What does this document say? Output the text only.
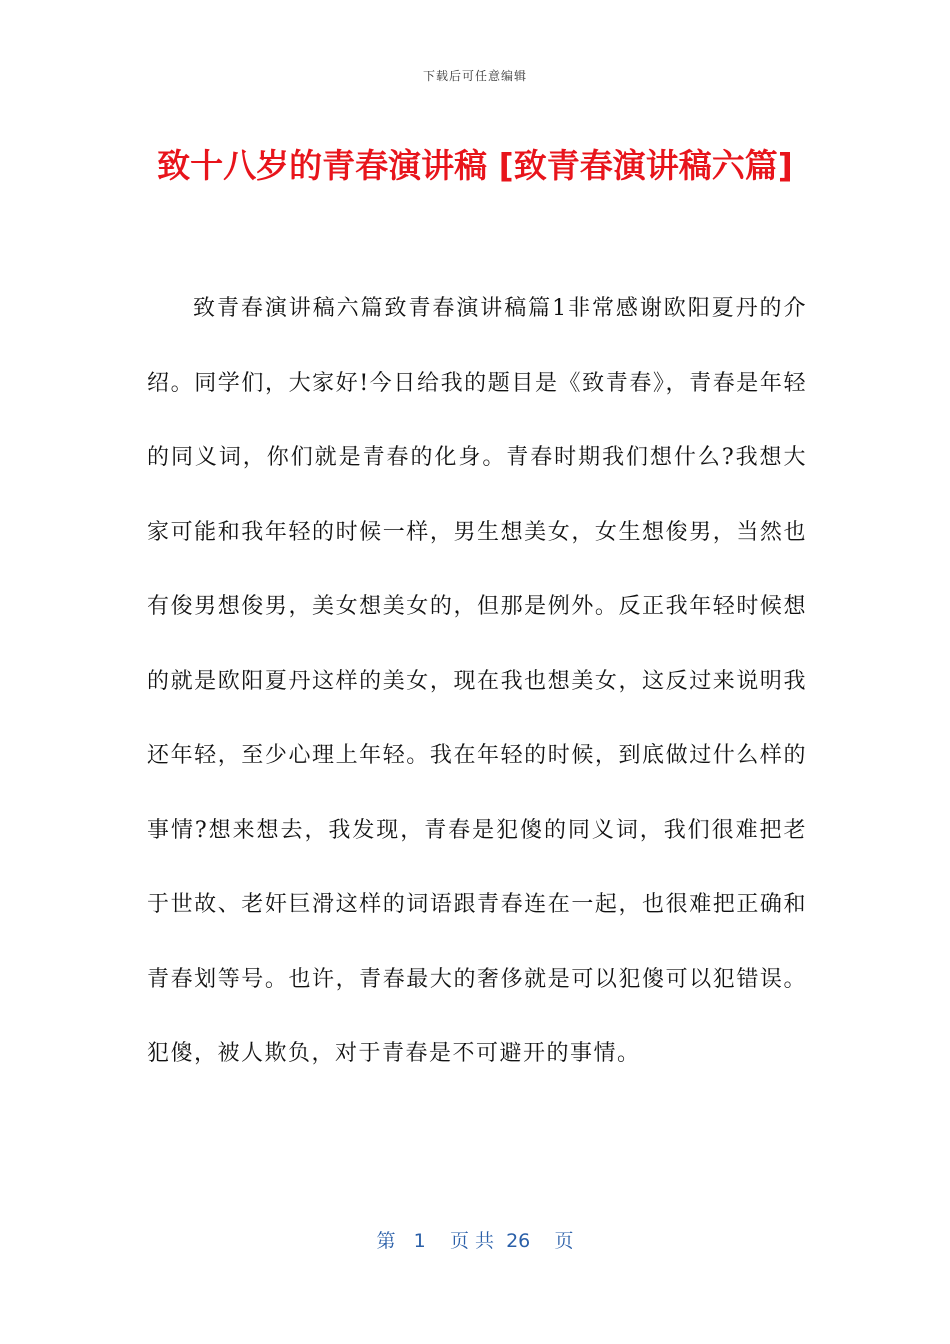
下载后可任意编辑
致十八岁的青春演讲稿 [致青春演讲稿六篇]

致青春演讲稿六篇致青春演讲稿篇1非常感谢欧阳夏丹的介绍。同学们，大家好!今日给我的题目是《致青春》，青春是年轻的同义词，你们就是青春的化身。青春时期我们想什么?我想大家可能和我年轻的时候一样，男生想美女，女生想俊男，当然也有俊男想俊男，美女想美女的，但那是例外。反正我年轻时候想的就是欧阳夏丹这样的美女，现在我也想美女，这反过来说明我还年轻，至少心理上年轻。我在年轻的时候，到底做过什么样的事情?想来想去，我发现，青春是犯傻的同义词，我们很难把老于世故、老奸巨滑这样的词语跟青春连在一起，也很难把正确和青春划等号。也许，青春最大的奢侈就是可以犯傻可以犯错误。犯傻，被人欺负，对于青春是不可避开的事情。

第 1 页 共 26 页
